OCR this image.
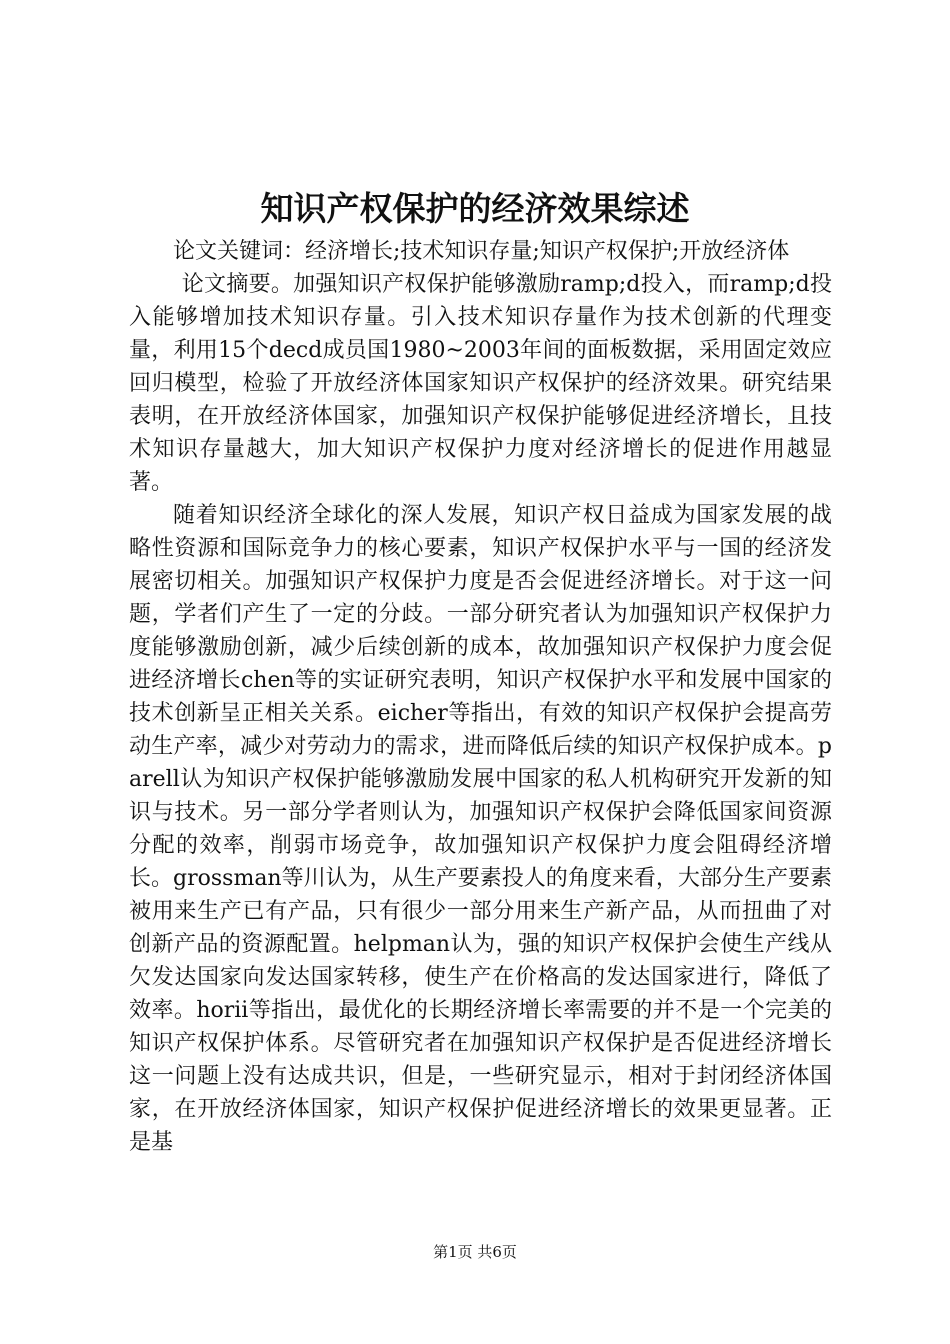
知识产权保护的经济效果综述

论文关键词：经济增长;技术知识存量;知识产权保护;开放经济体

论文摘要。加强知识产权保护能够激励ramp;d投入，而ramp;d投入能够增加技术知识存量。引入技术知识存量作为技术创新的代理变量，利用15个decd成员国1980~2003年间的面板数据，采用固定效应回归模型，检验了开放经济体国家知识产权保护的经济效果。研究结果表明，在开放经济体国家，加强知识产权保护能够促进经济增长，且技术知识存量越大，加大知识产权保护力度对经济增长的促进作用越显著。

随着知识经济全球化的深人发展，知识产权日益成为国家发展的战略性资源和国际竞争力的核心要素，知识产权保护水平与一国的经济发展密切相关。加强知识产权保护力度是否会促进经济增长。对于这一问题，学者们产生了一定的分歧。一部分研究者认为加强知识产权保护力度能够激励创新，减少后续创新的成本，故加强知识产权保护力度会促进经济增长chen等的实证研究表明，知识产权保护水平和发展中国家的技术创新呈正相关关系。eicher等指出，有效的知识产权保护会提高劳动生产率，减少对劳动力的需求，进而降低后续的知识产权保护成本。parell认为知识产权保护能够激励发展中国家的私人机构研究开发新的知识与技术。另一部分学者则认为，加强知识产权保护会降低国家间资源分配的效率，削弱市场竞争，故加强知识产权保护力度会阻碍经济增长。grossman等川认为，从生产要素投人的角度来看，大部分生产要素被用来生产已有产品，只有很少一部分用来生产新产品，从而扭曲了对创新产品的资源配置。helpman认为，强的知识产权保护会使生产线从欠发达国家向发达国家转移，使生产在价格高的发达国家进行，降低了效率。horii等指出，最优化的长期经济增长率需要的并不是一个完美的知识产权保护体系。尽管研究者在加强知识产权保护是否促进经济增长这一问题上没有达成共识，但是，一些研究显示，相对于封闭经济体国家，在开放经济体国家，知识产权保护促进经济增长的效果更显著。正是基

第1页 共6页
